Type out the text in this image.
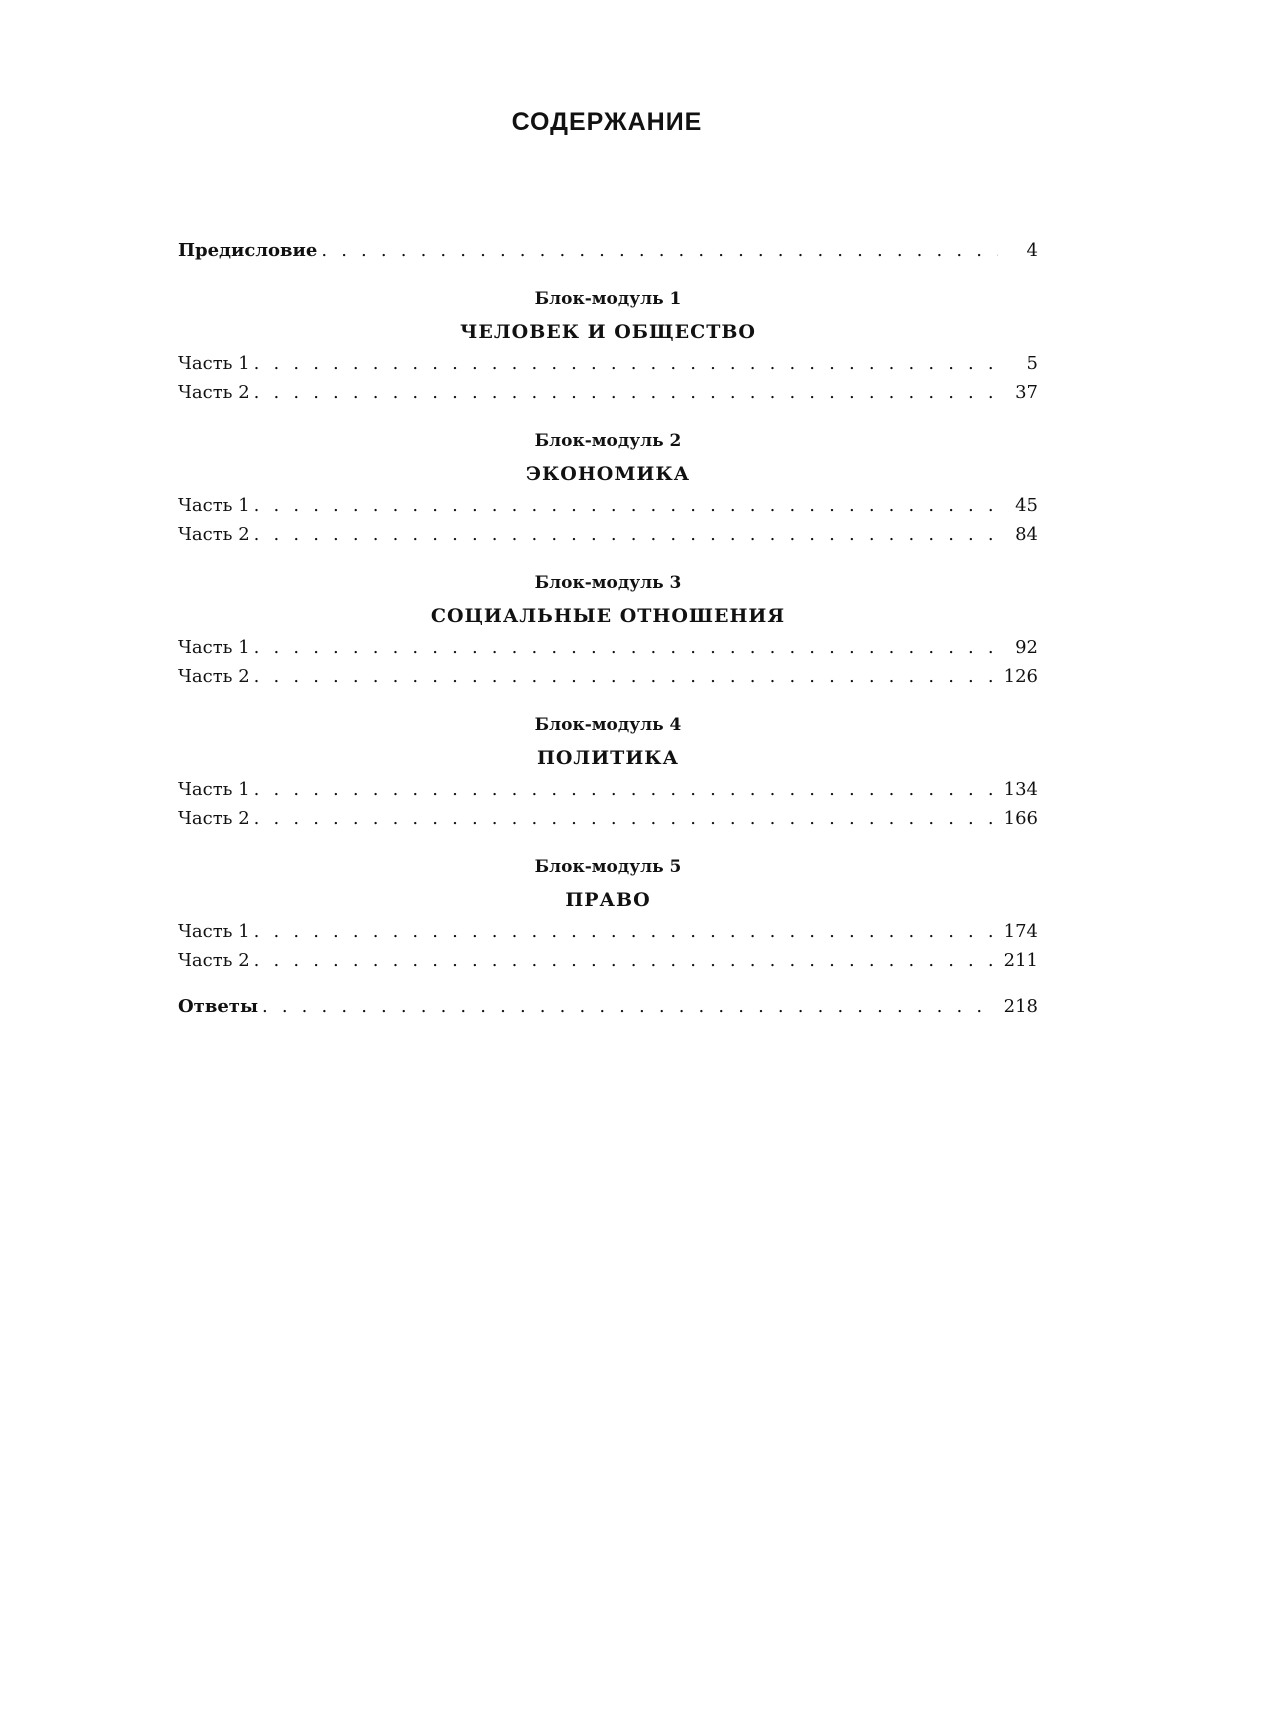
СОДЕРЖАНИЕ
Предисловие . . .	4
Блок-модуль 1
ЧЕЛОВЕК И ОБЩЕСТВО
Часть 1 . . .	5
Часть 2 . . .	37
Блок-модуль 2
ЭКОНОМИКА
Часть 1 . . .	45
Часть 2 . . .	84
Блок-модуль 3
СОЦИАЛЬНЫЕ ОТНОШЕНИЯ
Часть 1 . . .	92
Часть 2 . . .	126
Блок-модуль 4
ПОЛИТИКА
Часть 1 . . .	134
Часть 2 . . .	166
Блок-модуль 5
ПРАВО
Часть 1 . . .	174
Часть 2 . . .	211
Ответы . . .	218
